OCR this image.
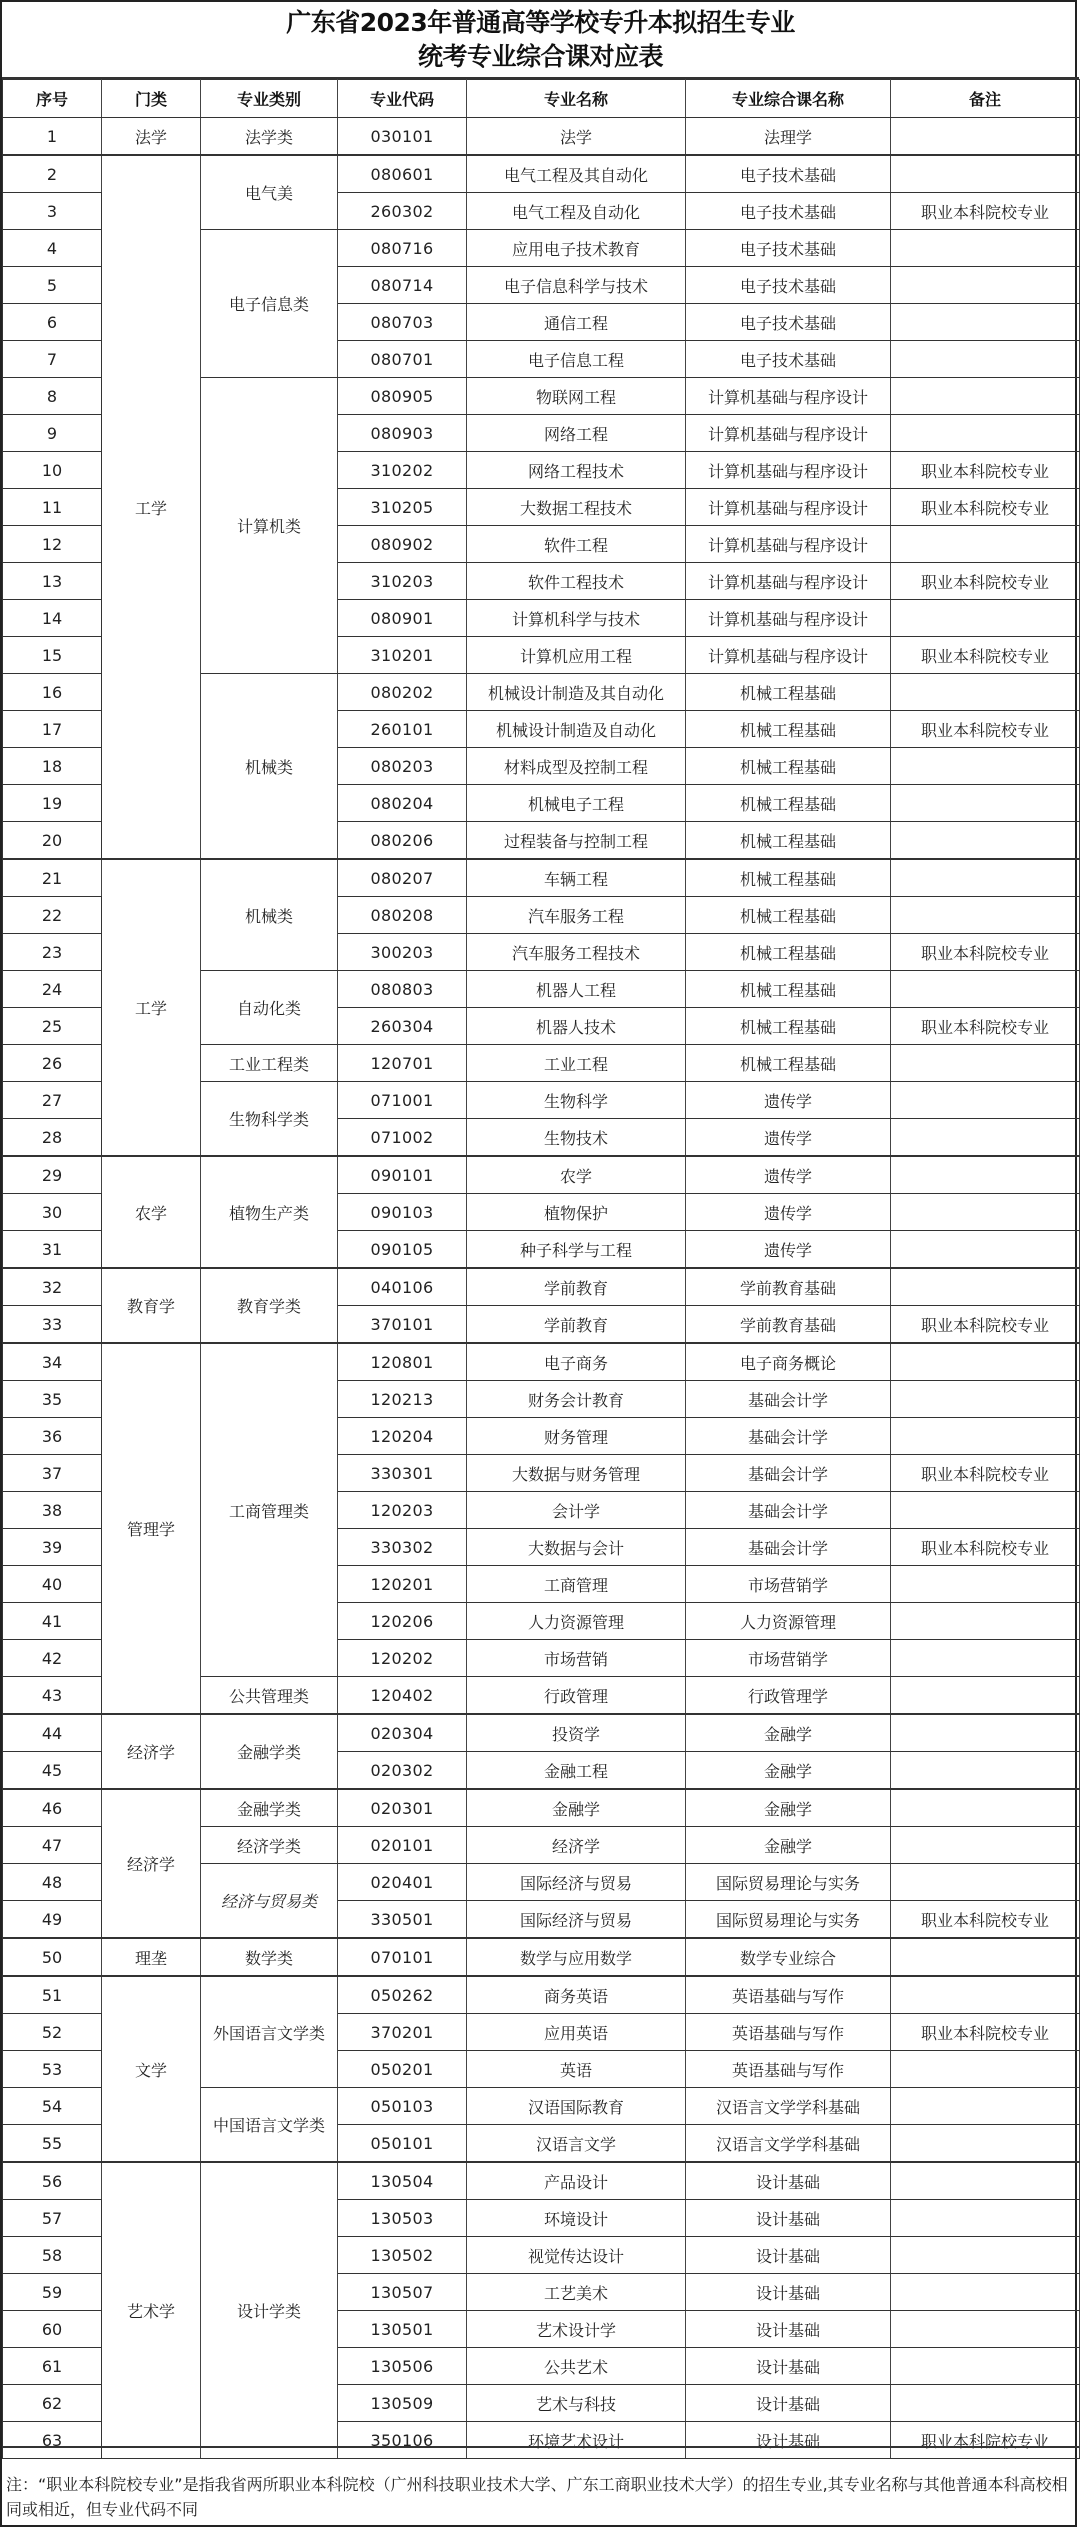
广东省2023年普通高等学校专升本拟招生专业
统考专业综合课对应表
序号	门类	专业类别	专业代码	专业名称	专业综合课名称	备注
1	法学	法学类	030101	法学	法理学	
2	工学	电气美	080601	电气工程及其自动化	电子技术基础	
3			260302	电气工程及自动化	电子技术基础	职业本科院校专业
4		电子信息类	080716	应用电子技术教育	电子技术基础	
5			080714	电子信息科学与技术	电子技术基础	
6			080703	通信工程	电子技术基础	
7			080701	电子信息工程	电子技术基础	
8		计算机类	080905	物联网工程	计算机基础与程序设计	
9			080903	网络工程	计算机基础与程序设计	
10			310202	网络工程技术	计算机基础与程序设计	职业本科院校专业
11			310205	大数据工程技术	计算机基础与程序设计	职业本科院校专业
12			080902	软件工程	计算机基础与程序设计	
13			310203	软件工程技术	计算机基础与程序设计	职业本科院校专业
14			080901	计算机科学与技术	计算机基础与程序设计	
15			310201	计算机应用工程	计算机基础与程序设计	职业本科院校专业
16		机械类	080202	机械设计制造及其自动化	机械工程基础	
17			260101	机械设计制造及自动化	机械工程基础	职业本科院校专业
18			080203	材料成型及控制工程	机械工程基础	
19			080204	机械电子工程	机械工程基础	
20			080206	过程装备与控制工程	机械工程基础	
21	工学	机械类	080207	车辆工程	机械工程基础	
22			080208	汽车服务工程	机械工程基础	
23			300203	汽车服务工程技术	机械工程基础	职业本科院校专业
24		自动化类	080803	机器人工程	机械工程基础	
25			260304	机器人技术	机械工程基础	职业本科院校专业
26		工业工程类	120701	工业工程	机械工程基础	
27		生物科学类	071001	生物科学	遗传学	
28			071002	生物技术	遗传学	
29	农学	植物生产类	090101	农学	遗传学	
30			090103	植物保护	遗传学	
31			090105	种子科学与工程	遗传学	
32	教育学	教育学类	040106	学前教育	学前教育基础	
33			370101	学前教育	学前教育基础	职业本科院校专业
34	管理学	工商管理类	120801	电子商务	电子商务概论	
35			120213	财务会计教育	基础会计学	
36			120204	财务管理	基础会计学	
37			330301	大数据与财务管理	基础会计学	职业本科院校专业
38			120203	会计学	基础会计学	
39			330302	大数据与会计	基础会计学	职业本科院校专业
40			120201	工商管理	市场营销学	
41			120206	人力资源管理	人力资源管理	
42			120202	市场营销	市场营销学	
43		公共管理类	120402	行政管理	行政管理学	
44	经济学	金融学类	020304	投资学	金融学	
45			020302	金融工程	金融学	
46	经济学	金融学类	020301	金融学	金融学	
47		经济学类	020101	经济学	金融学	
48		经济与贸易类	020401	国际经济与贸易	国际贸易理论与实务	
49			330501	国际经济与贸易	国际贸易理论与实务	职业本科院校专业
50	理垄	数学类	070101	数学与应用数学	数学专业综合	
51	文学	外国语言文学类	050262	商务英语	英语基础与写作	
52			370201	应用英语	英语基础与写作	职业本科院校专业
53			050201	英语	英语基础与写作	
54		中国语言文学类	050103	汉语国际教育	汉语言文学学科基础	
55			050101	汉语言文学	汉语言文学学科基础	
56	艺术学	设计学类	130504	产品设计	设计基础	
57			130503	环境设计	设计基础	
58			130502	视觉传达设计	设计基础	
59			130507	工艺美术	设计基础	
60			130501	艺术设计学	设计基础	
61			130506	公共艺术	设计基础	
62			130509	艺术与科技	设计基础	
63			350106	环境艺术设计	设计基础	职业本科院校专业
注：“职业本科院校专业”是指我省两所职业本科院校（广州科技职业技术大学、广东工商职业技术大学）的招生专业,其专业名称与其他普通本科高校相同或相近，但专业代码不同
